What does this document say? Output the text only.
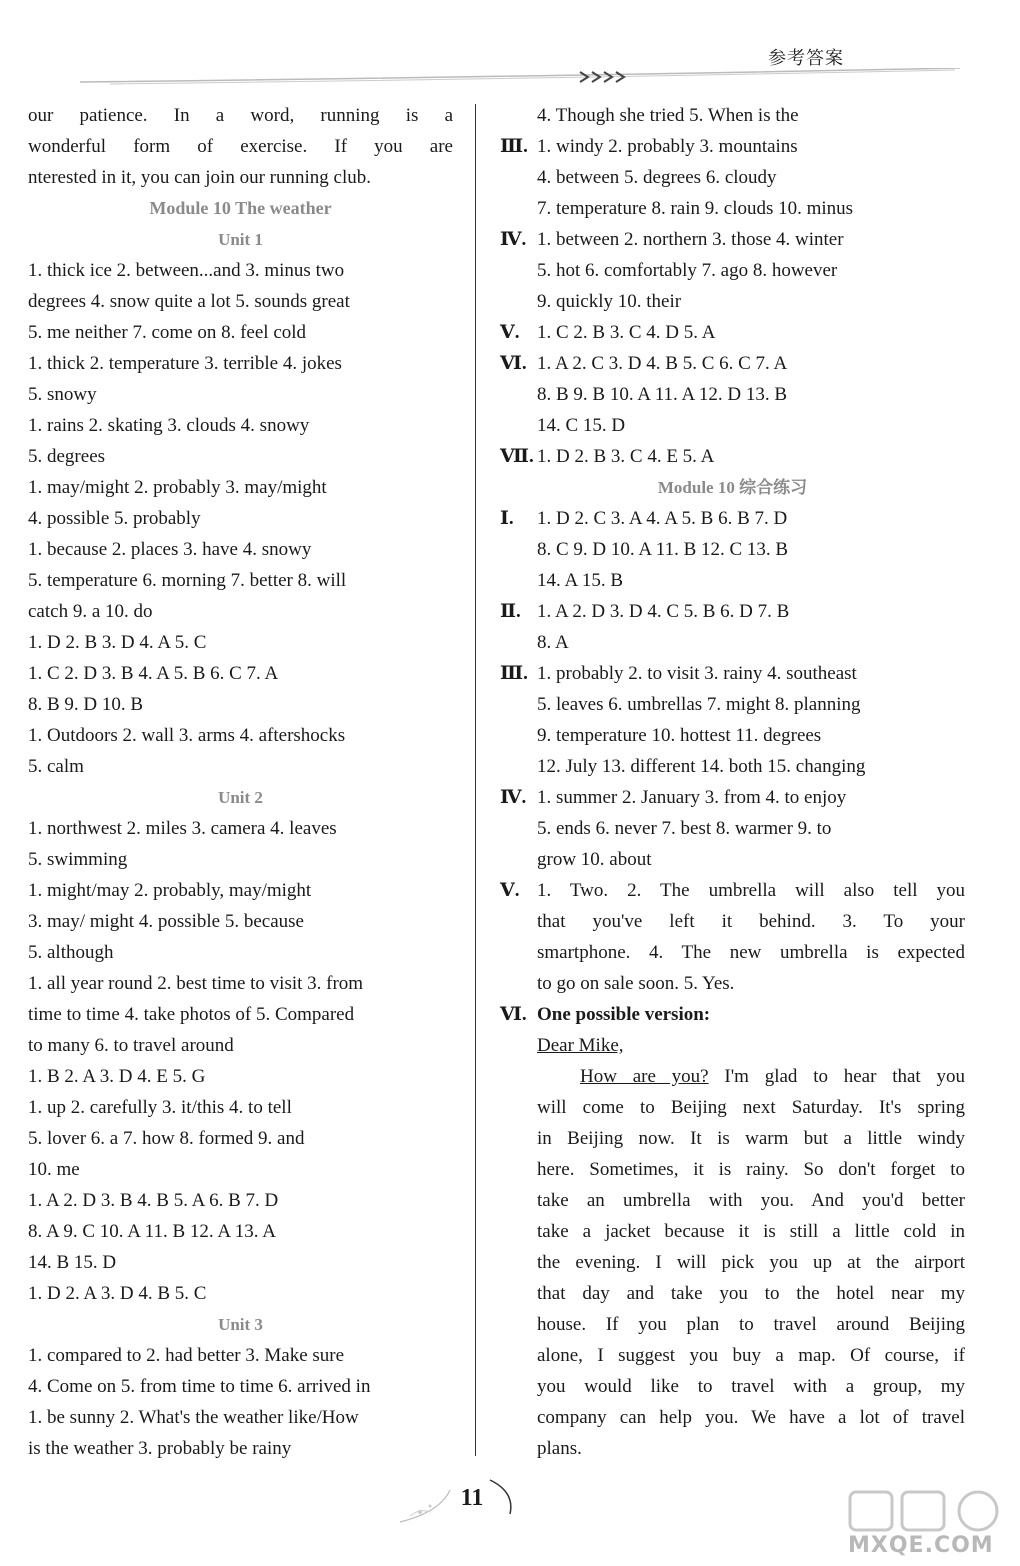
参考答案
our patience. In a word, running is a
wonderful form of exercise. If you are
nterested in it, you can join our running club.
Module 10 The weather
Unit 1
1. thick ice 2. between...and 3. minus two
degrees 4. snow quite a lot 5. sounds great
5. me neither 7. come on 8. feel cold
1. thick 2. temperature 3. terrible 4. jokes
5. snowy
1. rains 2. skating 3. clouds 4. snowy
5. degrees
1. may/might 2. probably 3. may/might
4. possible 5. probably
1. because 2. places 3. have 4. snowy
5. temperature 6. morning 7. better 8. will
catch 9. a 10. do
1. D 2. B 3. D 4. A 5. C
1. C 2. D 3. B 4. A 5. B 6. C 7. A
8. B 9. D 10. B
1. Outdoors 2. wall 3. arms 4. aftershocks
5. calm
Unit 2
1. northwest 2. miles 3. camera 4. leaves
5. swimming
1. might/may 2. probably, may/might
3. may/ might 4. possible 5. because
5. although
1. all year round 2. best time to visit 3. from
time to time 4. take photos of 5. Compared
to many 6. to travel around
1. B 2. A 3. D 4. E 5. G
1. up 2. carefully 3. it/this 4. to tell
5. lover 6. a 7. how 8. formed 9. and
10. me
1. A 2. D 3. B 4. B 5. A 6. B 7. D
8. A 9. C 10. A 11. B 12. A 13. A
14. B 15. D
1. D 2. A 3. D 4. B 5. C
Unit 3
1. compared to 2. had better 3. Make sure
4. Come on 5. from time to time 6. arrived in
1. be sunny 2. What's the weather like/How
is the weather 3. probably be rainy
4. Though she tried 5. When is the
Ⅲ. 1. windy 2. probably 3. mountains
4. between 5. degrees 6. cloudy
7. temperature 8. rain 9. clouds 10. minus
Ⅳ. 1. between 2. northern 3. those 4. winter
5. hot 6. comfortably 7. ago 8. however
9. quickly 10. their
Ⅴ. 1. C 2. B 3. C 4. D 5. A
Ⅵ. 1. A 2. C 3. D 4. B 5. C 6. C 7. A
8. B 9. B 10. A 11. A 12. D 13. B
14. C 15. D
Ⅶ. 1. D 2. B 3. C 4. E 5. A
Module 10 综合练习
Ⅰ. 1. D 2. C 3. A 4. A 5. B 6. B 7. D
8. C 9. D 10. A 11. B 12. C 13. B
14. A 15. B
Ⅱ. 1. A 2. D 3. D 4. C 5. B 6. D 7. B
8. A
Ⅲ. 1. probably 2. to visit 3. rainy 4. southeast
5. leaves 6. umbrellas 7. might 8. planning
9. temperature 10. hottest 11. degrees
12. July 13. different 14. both 15. changing
Ⅳ. 1. summer 2. January 3. from 4. to enjoy
5. ends 6. never 7. best 8. warmer 9. to
grow 10. about
Ⅴ. 1. Two. 2. The umbrella will also tell you
that you've left it behind. 3. To your
smartphone. 4. The new umbrella is expected
to go on sale soon. 5. Yes.
Ⅵ. One possible version:
Dear Mike,
How are you? I'm glad to hear that you
will come to Beijing next Saturday. It's spring
in Beijing now. It is warm but a little windy
here. Sometimes, it is rainy. So don't forget to
take an umbrella with you. And you'd better
take a jacket because it is still a little cold in
the evening. I will pick you up at the airport
that day and take you to the hotel near my
house. If you plan to travel around Beijing
alone, I suggest you buy a map. Of course, if
you would like to travel with a group, my
company can help you. We have a lot of travel
plans.
11
MXQE.COM
